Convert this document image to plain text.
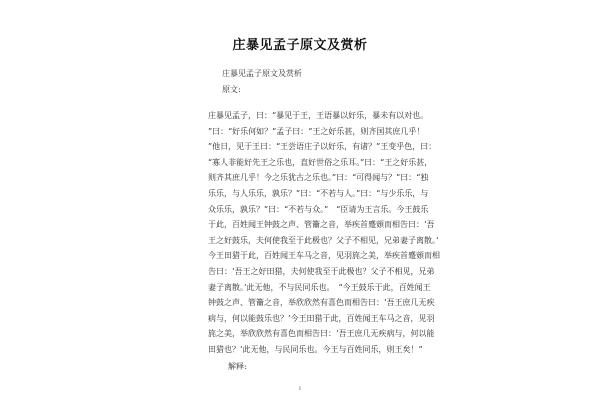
庄暴见孟子原文及赏析
庄暴见孟子原文及赏析
原文:
庄暴见孟子，曰：“暴见于王，王语暴以好乐，暴未有以对也。
”曰：“好乐何如？”孟子曰：“王之好乐甚，则齐国其庶几乎！
”他日，见于王曰：“王尝语庄子以好乐，有诸？”王变乎色，曰：
“寡人非能好先王之乐也，直好世俗之乐耳。”曰：“王之好乐甚，
则齐其庶几乎！今之乐犹古之乐也。”曰：“可得闻与？”曰：“独
乐乐，与人乐乐，孰乐？”曰：“不若与人。”曰：“与少乐乐，与
众乐乐，孰乐？”曰：“不若与众。”　“臣请为王言乐。今王鼓乐
于此，百姓闻王钟鼓之声、管籥之音，举疾首蹙頞而相告曰：‘吾
王之好鼓乐，夫何使我至于此极也？父子不相见，兄弟妻子离散。’
今王田猎于此，百姓闻王车马之音，见羽旄之美，举疾首蹙頞而相
告曰：‘吾王之好田猎，夫何使我至于此极也？父子不相见，兄弟
妻子离散。’此无他，不与民同乐也。　“今王鼓乐于此，百姓闻王
钟鼓之声、管籥之音，举欣欣然有喜色而相告曰：‘吾王庶几无疾
病与，何以能鼓乐也？’今王田猎于此，百姓闻王车马之音，见羽
旄之美，举欣欣然有喜色而相告曰：‘吾王庶几无疾病与，何以能
田猎也？’此无他，与民同乐也。今王与百姓同乐，则王矣！”
解释:
1
